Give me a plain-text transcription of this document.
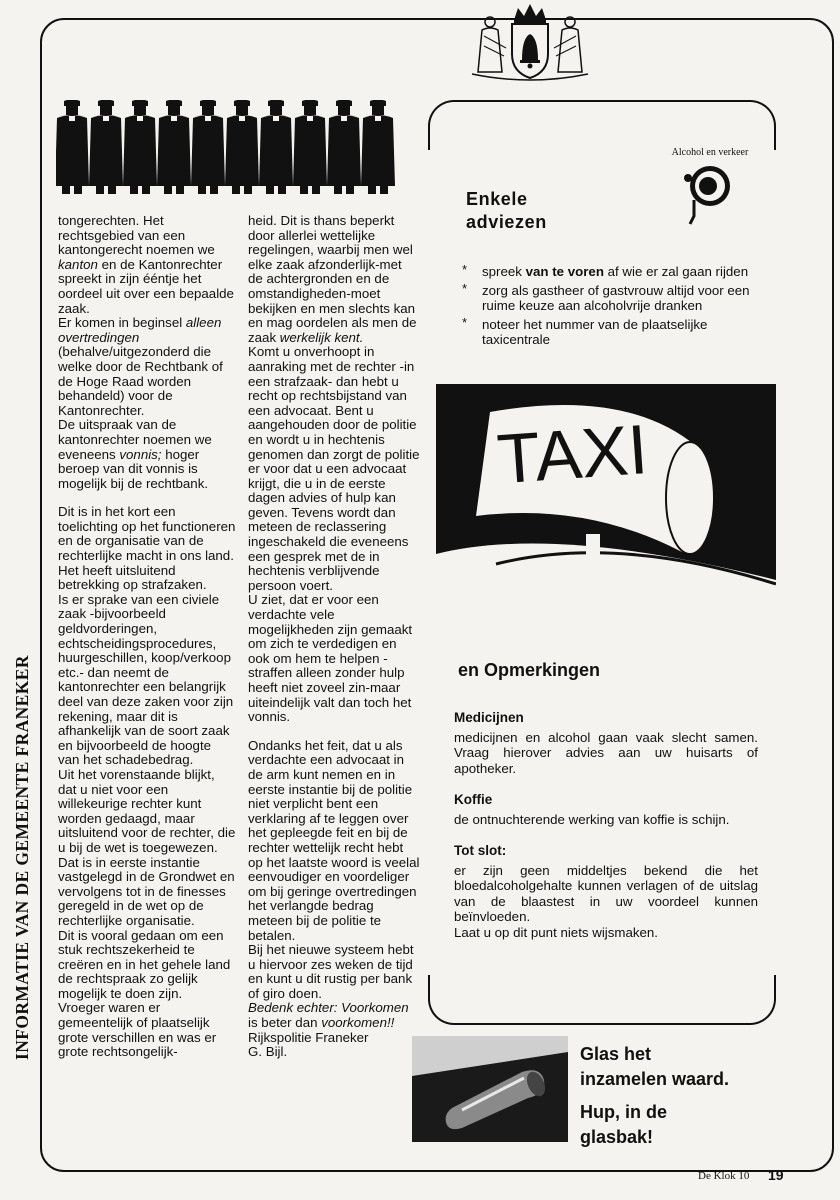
tongerechten. Het rechtsgebied van een kantongerecht noemen we kanton en de Kantonrechter spreekt in zijn ééntje het oordeel uit over een bepaalde zaak.
Er komen in beginsel alleen overtredingen (behalve/uitgezonderd die welke door de Rechtbank of de Hoge Raad worden behandeld) voor de Kantonrechter.
De uitspraak van de kantonrechter noemen we eveneens vonnis; hoger beroep van dit vonnis is mogelijk bij de rechtbank.

Dit is in het kort een toelichting op het functioneren en de organisatie van de rechterlijke macht in ons land. Het heeft uitsluitend betrekking op strafzaken.
Is er sprake van een civiele zaak -bijvoorbeeld geldvorderingen, echtscheidingsprocedures, huurgeschillen, koop/verkoop etc.- dan neemt de kantonrechter een belangrijk deel van deze zaken voor zijn rekening, maar dit is afhankelijk van de soort zaak en bijvoorbeeld de hoogte van het schadebedrag.
Uit het vorenstaande blijkt, dat u niet voor een willekeurige rechter kunt worden gedaagd, maar uitsluitend voor de rechter, die u bij de wet is toegewezen. Dat is in eerste instantie vastgelegd in de Grondwet en vervolgens tot in de finesses geregeld in de wet op de rechterlijke organisatie.
Dit is vooral gedaan om een stuk rechtszekerheid te creëren en in het gehele land de rechtspraak zo gelijk mogelijk te doen zijn.
Vroeger waren er gemeentelijk of plaatselijk grote verschillen en was er grote rechtsongelijk-

heid. Dit is thans beperkt door allerlei wettelijke regelingen, waarbij men wel elke zaak afzonderlijk-met de achtergronden en de omstandigheden-moet bekijken en men slechts kan en mag oordelen als men de zaak werkelijk kent.
Komt u onverhoopt in aanraking met de rechter -in een strafzaak- dan hebt u recht op rechtsbijstand van een advocaat. Bent u aangehouden door de politie en wordt u in hechtenis genomen dan zorgt de politie er voor dat u een advocaat krijgt, die u in de eerste dagen advies of hulp kan geven. Tevens wordt dan meteen de reclassering ingeschakeld die eveneens een gesprek met de in hechtenis verblijvende persoon voert.
U ziet, dat er voor een verdachte vele mogelijkheden zijn gemaakt om zich te verdedigen en ook om hem te helpen - straffen alleen zonder hulp heeft niet zoveel zin-maar uiteindelijk valt dan toch het vonnis.

Ondanks het feit, dat u als verdachte een advocaat in de arm kunt nemen en in eerste instantie bij de politie niet verplicht bent een verklaring af te leggen over het gepleegde feit en bij de rechter wettelijk recht hebt op het laatste woord is veelal eenvoudiger en voordeliger om bij geringe overtredingen het verlangde bedrag meteen bij de politie te betalen.
Bij het nieuwe systeem hebt u hiervoor zes weken de tijd en kunt u dit rustig per bank of giro doen.
Bedenk echter: Voorkomen is beter dan voorkomen!!
Rijkspolitie Franeker
G. Bijl.

INFORMATIE VAN DE GEMEENTE FRANEKER
Alcohol en verkeer
Enkele
adviezen
* spreek van te voren af wie er zal gaan rijden
* zorg als gastheer of gastvrouw altijd voor een ruime keuze aan alcoholvrije dranken
* noteer het nummer van de plaatselijke taxicentrale
TAXI
en Opmerkingen
Medicijnen

medicijnen en alcohol gaan vaak slecht samen. Vraag hierover advies aan uw huisarts of apotheker.

Koffie

de ontnuchterende werking van koffie is schijn.

Tot slot:

er zijn geen middeltjes bekend die het bloedalcoholgehalte kunnen verlagen of de uitslag van de blaastest in uw voordeel kunnen beïnvloeden.

Laat u op dit punt niets wijsmaken.

Glas het
inzamelen waard.
Hup, in de
glasbak!
De Klok 10 19
